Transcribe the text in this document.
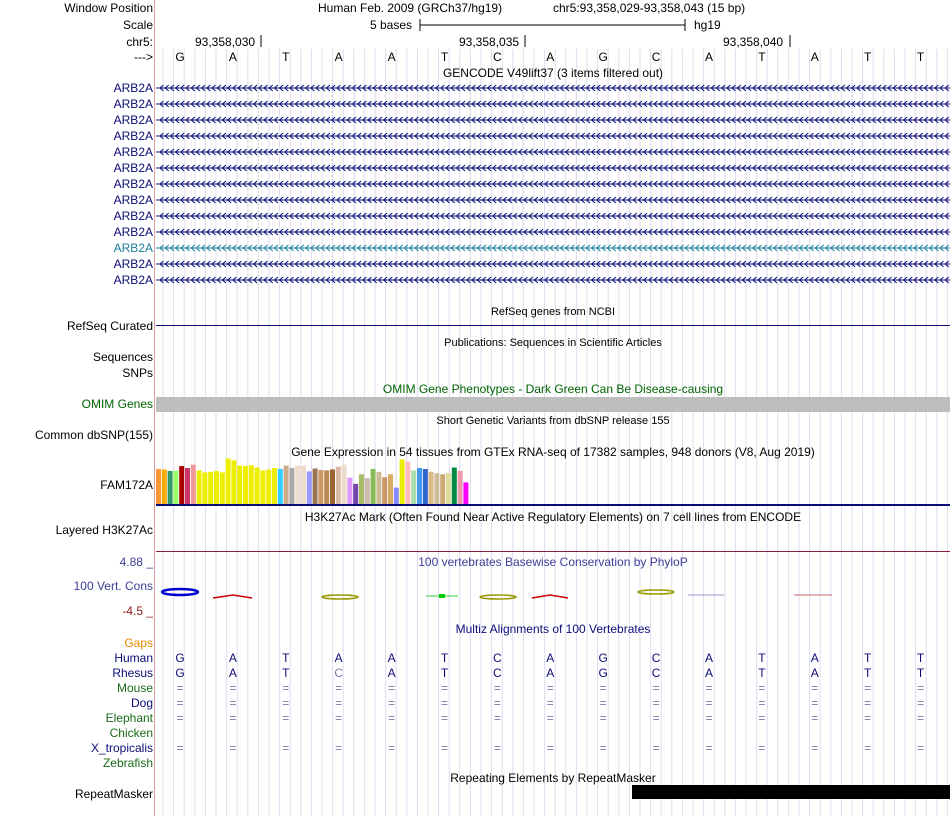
Window Position	Human Feb. 2009 (GRCh37/hg19)	chr5:93,358,029-93,358,043 (15 bp)
Scale	5 bases	hg19
chr5:	93,358,030	93,358,035	93,358,040
--->	G	A	T	A	A	T	C	A	G	C	A	T	A	T	T
GENCODE V49lift37 (3 items filtered out)
ARB2A
ARB2A
ARB2A
ARB2A
ARB2A
ARB2A
ARB2A
ARB2A
ARB2A
ARB2A
ARB2A
ARB2A
ARB2A
RefSeq genes from NCBI
RefSeq Curated
Publications: Sequences in Scientific Articles
Sequences
SNPs
OMIM Gene Phenotypes - Dark Green Can Be Disease-causing
OMIM Genes
Short Genetic Variants from dbSNP release 155
Common dbSNP(155)
Gene Expression in 54 tissues from GTEx RNA-seq of 17382 samples, 948 donors (V8, Aug 2019)
FAM172A
H3K27Ac Mark (Often Found Near Active Regulatory Elements) on 7 cell lines from ENCODE
Layered H3K27Ac
100 vertebrates Basewise Conservation by PhyloP
4.88 _
100 Vert. Cons
-4.5 _
Multiz Alignments of 100 Vertebrates
Gaps
Human	G	A	T	A	A	T	C	A	G	C	A	T	A	T	T
Rhesus	G	A	T	C	A	T	C	A	G	C	A	T	A	T	T
Mouse	=	=	=	=	=	=	=	=	=	=	=	=	=	=	=
Dog	=	=	=	=	=	=	=	=	=	=	=	=	=	=	=
Elephant	=	=	=	=	=	=	=	=	=	=	=	=	=	=	=
Chicken
X_tropicalis	=	=	=	=	=	=	=	=	=	=	=	=	=	=	=
Zebrafish
Repeating Elements by RepeatMasker
RepeatMasker
